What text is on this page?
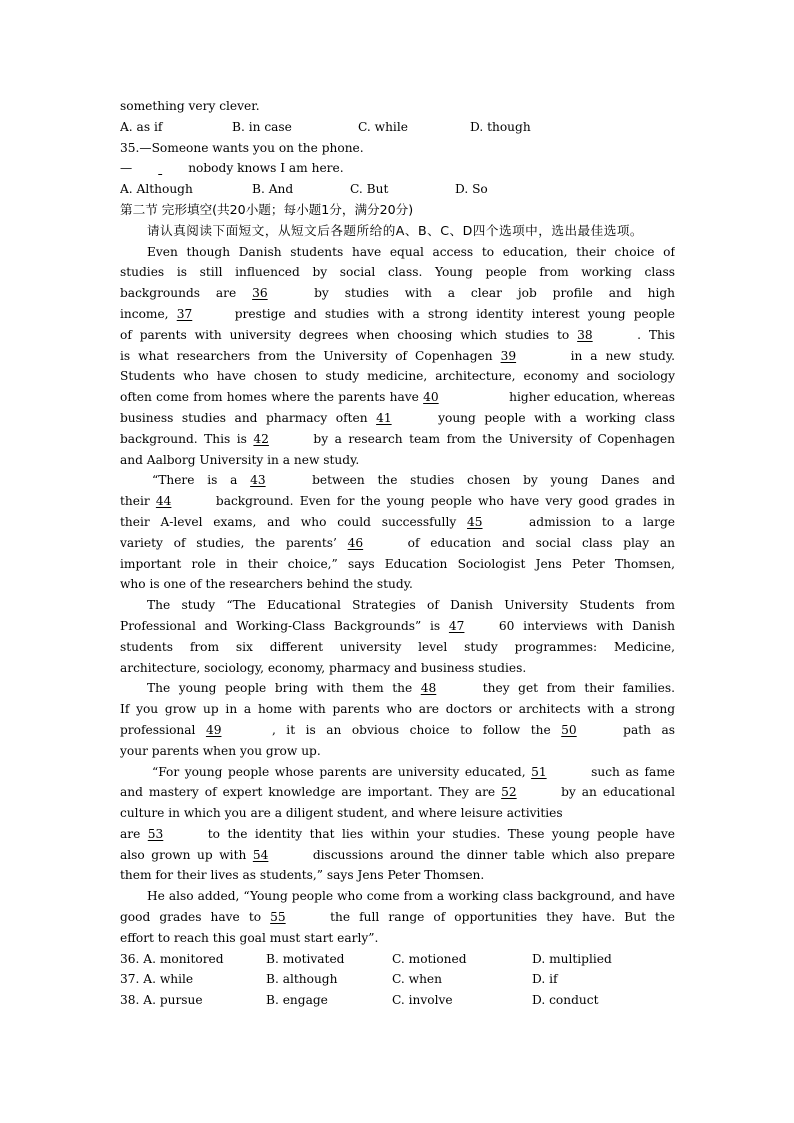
something very clever.
A. as if	B. in case	C. while	D. though
35.—Someone wants you on the phone.
—	nobody knows I am here.
A. Although	B. And	C. But	D. So
第二节 完形填空(共20小题；每小题1分，满分20分)
请认真阅读下面短文，从短文后各题所给的A、B、C、D四个选项中，选出最佳选项。
Even though Danish students have equal access to education, their choice of
studies is still influenced by social class. Young people from working class
backgrounds are 36	by studies with a clear job profile and high
income, 37	prestige and studies with a strong identity interest young people
of parents with university degrees when choosing which studies to 38	. This
is what researchers from the University of Copenhagen 39	in a new study.
Students who have chosen to study medicine, architecture, economy and sociology
often come from homes where the parents have 40	higher education, whereas
business studies and pharmacy often 41	young people with a working class
background. This is 42	by a research team from the University of Copenhagen
and Aalborg University in a new study.
“There is a 43	between the studies chosen by young Danes and
their 44	background. Even for the young people who have very good grades in
their A-level exams, and who could successfully 45	admission to a large
variety of studies, the parents’ 46	of education and social class play an
important role in their choice,” says Education Sociologist Jens Peter Thomsen,
who is one of the researchers behind the study.
The study “The Educational Strategies of Danish University Students from
Professional and Working-Class Backgrounds” is 47	60 interviews with Danish
students from six different university level study programmes: Medicine,
architecture, sociology, economy, pharmacy and business studies.
The young people bring with them the 48	they get from their families.
If you grow up in a home with parents who are doctors or architects with a strong
professional 49	, it is an obvious choice to follow the 50	path as
your parents when you grow up.
“For young people whose parents are university educated, 51	such as fame
and mastery of expert knowledge are important. They are 52	by an educational
culture in which you are a diligent student, and where leisure activities
are 53	to the identity that lies within your studies. These young people have
also grown up with 54	discussions around the dinner table which also prepare
them for their lives as students,” says Jens Peter Thomsen.
He also added, “Young people who come from a working class background, and have
good grades have to 55	the full range of opportunities they have. But the
effort to reach this goal must start early”.
36. A. monitored	B. motivated	C. motioned	D. multiplied
37. A. while	B. although	C. when	D. if
38. A. pursue	B. engage	C. involve	D. conduct
